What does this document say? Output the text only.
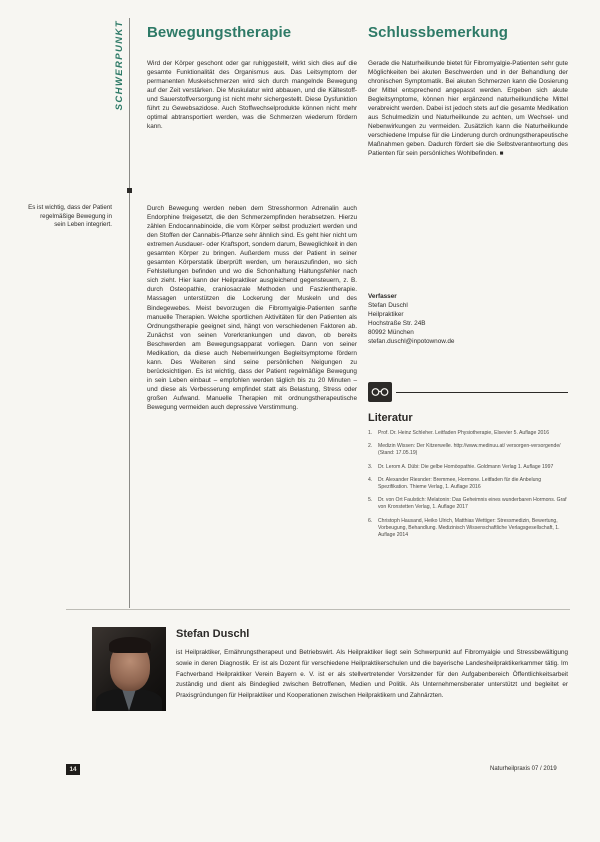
SCHWERPUNKT
Es ist wichtig, dass der Patient regelmäßige Bewegung in sein Leben integriert.
Bewegungstherapie

Wird der Körper geschont oder gar ruhiggestellt, wirkt sich dies auf die gesamte Funktionalität des Organismus aus. Das Leitsymptom der permanenten Muskelschmerzen wird sich durch mangelnde Bewegung auf der Zeit verstärken. Die Muskulatur wird abbauen, und die Kältestoff- und Sauerstoffversorgung ist nicht mehr sichergestellt. Diese Dysfunktion führt zu Gewebsazidose. Auch Stoffwechselprodukte können nicht mehr optimal abtransportiert werden, was die Schmerzen wiederum fördern kann.

Durch Bewegung werden neben dem Stresshormon Adrenalin auch Endorphine freigesetzt, die den Schmerzempfinden herabsetzen. Hierzu zählen Endocannabinoide, die vom Körper selbst produziert werden und den Stoffen der Cannabis-Pflanze sehr ähnlich sind. Es geht hier nicht um extremen Ausdauer- oder Kraftsport, sondern darum, Beweglichkeit in den gesamten Körper zu bringen. Außerdem muss der Patient in seiner gesamten Körperstatik überprüft werden, um herauszufinden, wo sich Fehlstellungen befinden und wo die Schonhaltung Haltungsfehler nach sich zieht. Hier kann der Heilpraktiker ausgleichend gegensteuern, z. B. durch Osteopathie, craniosacrale Methoden und Faszientherapie. Massagen unterstützen die Lockerung der Muskeln und des Bindegewebes. Meist bevorzugen die Fibromyalgie-Patienten sanfte manuelle Therapien. Welche sportlichen Aktivitäten für den Patienten als Ordnungstherapie geeignet sind, hängt von verschiedenen Faktoren ab. Zunächst von seinen Vorerkrankungen und davon, ob bereits Beschwerden am Bewegungsapparat vorliegen. Dann von seiner Medikation, da diese auch Nebenwirkungen Begleitsymptome fördern kann. Des Weiteren sind seine persönlichen Neigungen zu berücksichtigen. Es ist wichtig, dass der Patient regelmäßige Bewegung in sein Leben einbaut – empfohlen werden täglich bis zu 20 Minuten – und diese als Verbesserung empfindet statt als Belastung, Stress oder großen Aufwand. Manuelle Therapien mit ordnungstherapeutische Bewegung vermeiden auch depressive Verstimmung.

Schlussbemerkung

Gerade die Naturheilkunde bietet für Fibromyalgie-Patienten sehr gute Möglichkeiten bei akuten Beschwerden und in der Behandlung der chronischen Symptomatik. Bei akuten Schmerzen kann die Dosierung der Mittel entsprechend angepasst werden. Ergeben sich akute Begleitsymptome, können hier ergänzend naturheilkundliche Mittel verabreicht werden. Dabei ist jedoch stets auf die gesamte Medikation aus Schulmedizin und Naturheilkunde zu achten, um Wechsel- und Nebenwirkungen zu vermeiden. Zusätzlich kann die Naturheilkunde verschiedene Impulse für die Linderung durch ordnungstherapeutische Maßnahmen geben. Dadurch fördert sie die Selbstverantwortung des Patienten für sein persönliches Wohlbefinden. ■

Verfasser
Stefan Duschl
Heilpraktiker
Hochstraße Str. 24B
80992 München
stefan.duschl@inpotownow.de
Literatur
1.	Prof. Dr. Heinz Schleher. Leitfaden Physiotherapie, Elsevier 5. Auflage 2016
2.	Medizin Wissen: Der Kitzerwelle. http://www.medinuu.at/ versorgen-versorgende/ (Stand: 17.05.19)
3.	Dr. Lerom A. Dübi: Die gelbe Homöopathie. Goldmann Verlag 1. Auflage 1997
4.	Dr. Alexander Riesnder: Bremmee, Hormone. Leitfaden für die Anbelung Spezifikation. Thieme Verlag, 1. Auflage 2016
5.	Dr. von Ort Faulstich: Melatonin: Das Geheimnis eines wunderbaren Hormons. Graf von Kronstetten Verlag, 1. Auflage 2017
6.	Christoph Hausand, Heiko Ulrich, Matthias Wettiger: Stressmedizin, Bewertung, Vorbeugung, Behandlung. Medizinisch Wissenschaftliche Verlagsgesellschaft, 1. Auflage 2014
Stefan Duschl
ist Heilpraktiker, Ernährungstherapeut und Betriebswirt. Als Heilpraktiker liegt sein Schwerpunkt auf Fibromyalgie und Stressbewältigung sowie in deren Diagnostik. Er ist als Dozent für verschiedene Heilpraktikerschulen und die bayerische Landesheilpraktikerkammer tätig. Im Fachverband Heilpraktiker Verein Bayern e. V. ist er als stellvertretender Vorsitzender für den Aufgabenbereich Öffentlichkeitsarbeit zuständig und dient als Bindeglied zwischen Betroffenen, Medien und Politik. Als Unternehmensberater unterstützt und begleitet er Praxisgründungen für Heilpraktiker und Kooperationen zwischen Heilpraktikern und Zahnärzten.
14	Naturheilpraxis 07 / 2019
